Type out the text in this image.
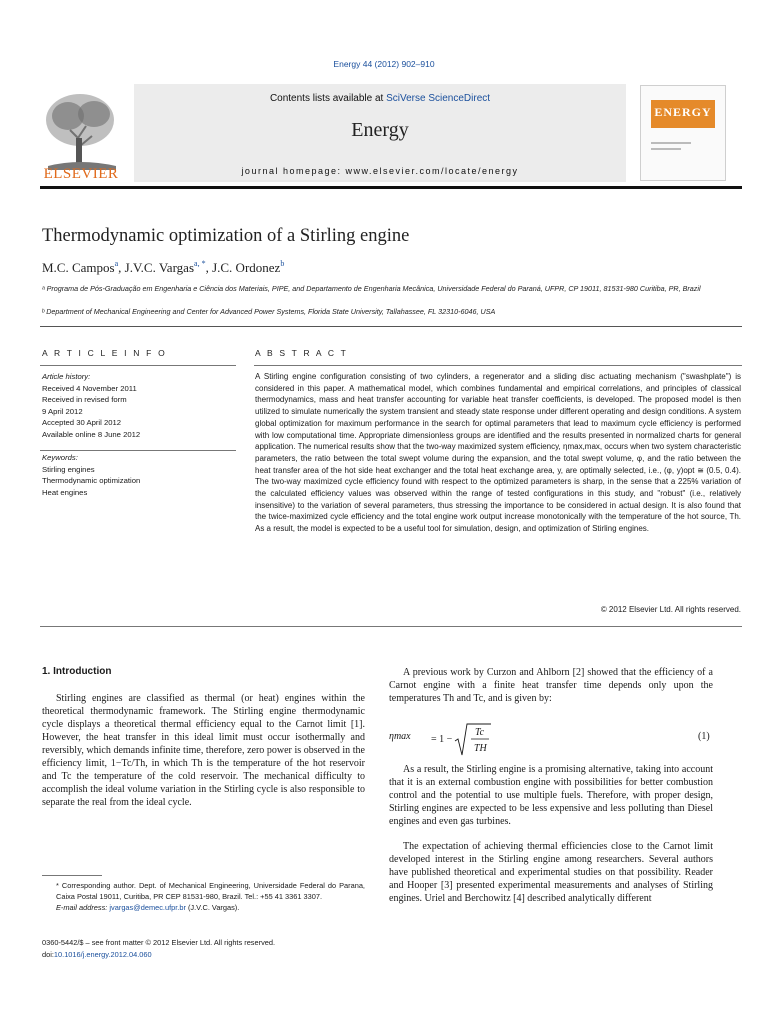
Energy 44 (2012) 902–910
ELSEVIER
Contents lists available at SciVerse ScienceDirect
Energy
journal homepage: www.elsevier.com/locate/energy
ENERGY
Thermodynamic optimization of a Stirling engine
M.C. Campos$^a$, J.V.C. Vargas$^{a, *}$, J.C. Ordonez$^b$
ᵃ Programa de Pós-Graduação em Engenharia e Ciência dos Materiais, PIPE, and Departamento de Engenharia Mecânica, Universidade Federal do Paraná, UFPR, CP 19011, 81531-980 Curitiba, PR, Brazil
ᵇ Department of Mechanical Engineering and Center for Advanced Power Systems, Florida State University, Tallahassee, FL 32310-6046, USA
A R T I C L E I N F O	A B S T R A C T
Article history:
Received 4 November 2011
Received in revised form
9 April 2012
Accepted 30 April 2012
Available online 8 June 2012
Keywords:
Stirling engines
Thermodynamic optimization
Heat engines
A Stirling engine configuration consisting of two cylinders, a regenerator and a sliding disc actuating mechanism ("swashplate") is considered in this paper. A mathematical model, which combines fundamental and empirical correlations, and principles of classical thermodynamics, mass and heat transfer accounting for variable heat transfer coefficients, is developed. The proposed model is then utilized to simulate numerically the system transient and steady state response under different operating and design conditions. A system global optimization for maximum performance in the search for optimal parameters that lead to maximum cycle efficiency is performed with low computational time. Appropriate dimensionless groups are identified and the results presented in normalized charts for general application. The numerical results show that the two-way maximized system efficiency, ηmax,max, occurs when two system characteristic parameters, the ratio between the total swept volume during the expansion, and the total swept volume, φ, and the ratio between the heat transfer area of the hot side heat exchanger and the total heat exchange area, y, are optimally selected, i.e., (φ, y)opt ≅ (0.5, 0.4). The two-way maximized cycle efficiency found with respect to the optimized parameters is sharp, in the sense that a 225% variation of the calculated efficiency values was observed within the range of tested configurations in this study, and "robust" (i.e., relatively insensitive) to the variation of several parameters, thus stressing the importance to be considered in actual design. It is also found that the twice-maximized cycle efficiency and the total engine work output increase monotonically with the temperature of the hot source, Th. As a result, the model is expected to be a useful tool for simulation, design, and optimization of Stirling engines.
© 2012 Elsevier Ltd. All rights reserved.
1. Introduction
Stirling engines are classified as thermal (or heat) engines within the theoretical thermodynamic framework. The Stirling engine thermodynamic cycle displays a theoretical thermal efficiency equal to the Carnot limit [1]. However, the heat transfer in this ideal limit must occur isothermally and reversibly, which demands infinite time, therefore, zero power is observed in the efficiency limit, 1−Tc/Th, in which Th is the temperature of the hot reservoir and Tc the temperature of the cold reservoir. The mechanical difficulty to accomplish the ideal volume variation in the Stirling cycle is also responsible to separate the real from the ideal cycle.
* Corresponding author. Dept. of Mechanical Engineering, Universidade Federal do Parana, Caixa Postal 19011, Curitiba, PR CEP 81531-980, Brazil. Tel.: +55 41 3361 3307.
E-mail address: jvargas@demec.ufpr.br (J.V.C. Vargas).
0360-5442/$ – see front matter © 2012 Elsevier Ltd. All rights reserved.
doi:10.1016/j.energy.2012.04.060
A previous work by Curzon and Ahlborn [2] showed that the efficiency of a Carnot engine with a finite heat transfer time depends only upon the temperatures Th and Tc, and is given by:
ηmax = 1 −
Tc
TH
(1)
As a result, the Stirling engine is a promising alternative, taking into account that it is an external combustion engine with possibilities for better combustion control and the potential to use multiple fuels. Therefore, with proper design, Stirling engines are expected to be less expensive and less polluting than Diesel engines and even gas turbines.
The expectation of achieving thermal efficiencies close to the Carnot limit developed interest in the Stirling engine among researchers. Several authors have published theoretical and experimental studies on that possibility. Reader and Hooper [3] presented experimental measurements and analyses of Stirling engines. Uriel and Berchowitz [4] described analytically different
